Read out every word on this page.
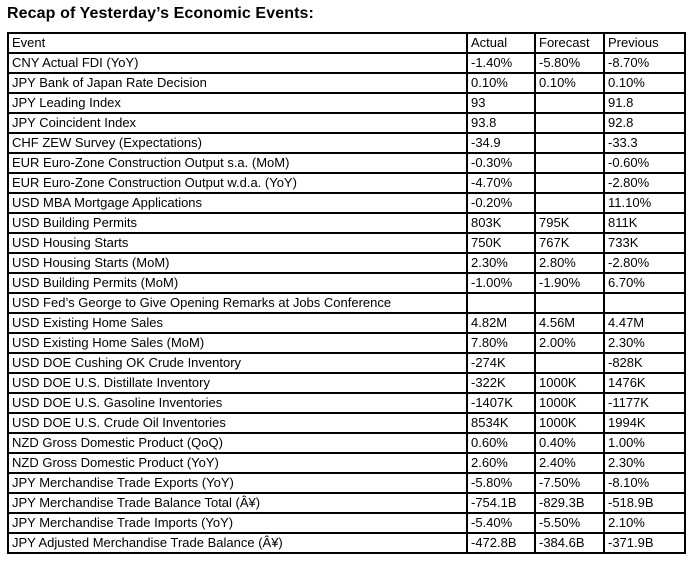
Recap of Yesterday’s Economic Events:
Event	Actual	Forecast	Previous
CNY Actual FDI (YoY)	-1.40%	-5.80%	-8.70%
JPY Bank of Japan Rate Decision	0.10%	0.10%	0.10%
JPY Leading Index	93		91.8
JPY Coincident Index	93.8		92.8
CHF ZEW Survey (Expectations)	-34.9		-33.3
EUR Euro-Zone Construction Output s.a. (MoM)	-0.30%		-0.60%
EUR Euro-Zone Construction Output w.d.a. (YoY)	-4.70%		-2.80%
USD MBA Mortgage Applications	-0.20%		11.10%
USD Building Permits	803K	795K	811K
USD Housing Starts	750K	767K	733K
USD Housing Starts (MoM)	2.30%	2.80%	-2.80%
USD Building Permits (MoM)	-1.00%	-1.90%	6.70%
USD Fed’s George to Give Opening Remarks at Jobs Conference			
USD Existing Home Sales	4.82M	4.56M	4.47M
USD Existing Home Sales (MoM)	7.80%	2.00%	2.30%
USD DOE Cushing OK Crude Inventory	-274K		-828K
USD DOE U.S. Distillate Inventory	-322K	1000K	1476K
USD DOE U.S. Gasoline Inventories	-1407K	1000K	-1177K
USD DOE U.S. Crude Oil Inventories	8534K	1000K	1994K
NZD Gross Domestic Product (QoQ)	0.60%	0.40%	1.00%
NZD Gross Domestic Product (YoY)	2.60%	2.40%	2.30%
JPY Merchandise Trade Exports (YoY)	-5.80%	-7.50%	-8.10%
JPY Merchandise Trade Balance Total (Â¥)	-754.1B	-829.3B	-518.9B
JPY Merchandise Trade Imports (YoY)	-5.40%	-5.50%	2.10%
JPY Adjusted Merchandise Trade Balance (Â¥)	-472.8B	-384.6B	-371.9B
